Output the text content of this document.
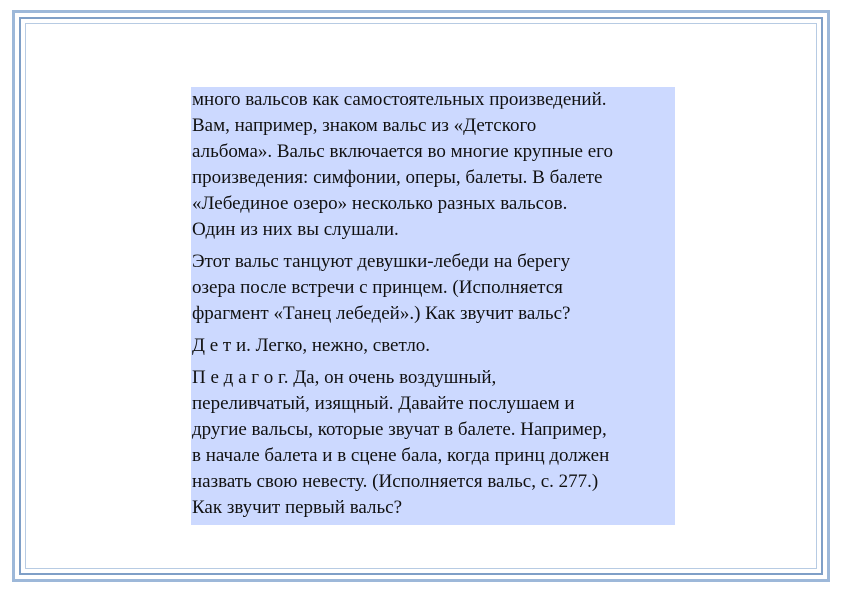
много вальсов как самостоятельных произведений.
Вам, например, знаком вальс из «Детского
альбома». Вальс включается во многие крупные его
произведения: симфонии, оперы, балеты. В балете
«Лебединое озеро» несколько разных вальсов.
Один из них вы слушали.
Этот вальс танцуют девушки-лебеди на берегу
озера после встречи с принцем. (Исполняется
фрагмент «Танец лебедей».) Как звучит вальс?
Д е т и. Легко, нежно, светло.
П е д а г о г. Да, он очень воздушный,
переливчатый, изящный. Давайте послушаем и
другие вальсы, которые звучат в балете. Например,
в начале балета и в сцене бала, когда принц должен
назвать свою невесту. (Исполняется вальс, с. 277.)
Как звучит первый вальс?
